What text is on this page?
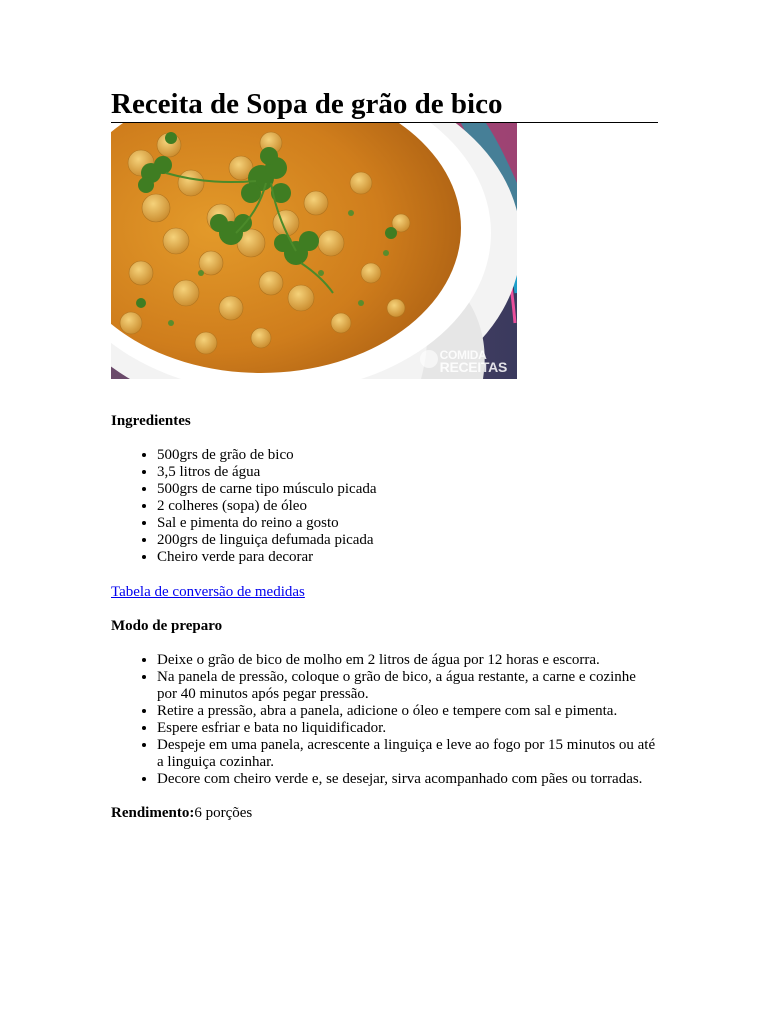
Receita de Sopa de grão de bico
COMIDA
RECEITAS

Ingredientes

• 500grs de grão de bico
• 3,5 litros de água
• 500grs de carne tipo músculo picada
• 2 colheres (sopa) de óleo
• Sal e pimenta do reino a gosto
• 200grs de linguiça defumada picada
• Cheiro verde para decorar

Tabela de conversão de medidas

Modo de preparo

• Deixe o grão de bico de molho em 2 litros de água por 12 horas e escorra.
• Na panela de pressão, coloque o grão de bico, a água restante, a carne e cozinhe por 40 minutos após pegar pressão.
• Retire a pressão, abra a panela, adicione o óleo e tempere com sal e pimenta.
• Espere esfriar e bata no liquidificador.
• Despeje em uma panela, acrescente a linguiça e leve ao fogo por 15 minutos ou até a linguiça cozinhar.
• Decore com cheiro verde e, se desejar, sirva acompanhado com pães ou torradas.

Rendimento:6 porções
